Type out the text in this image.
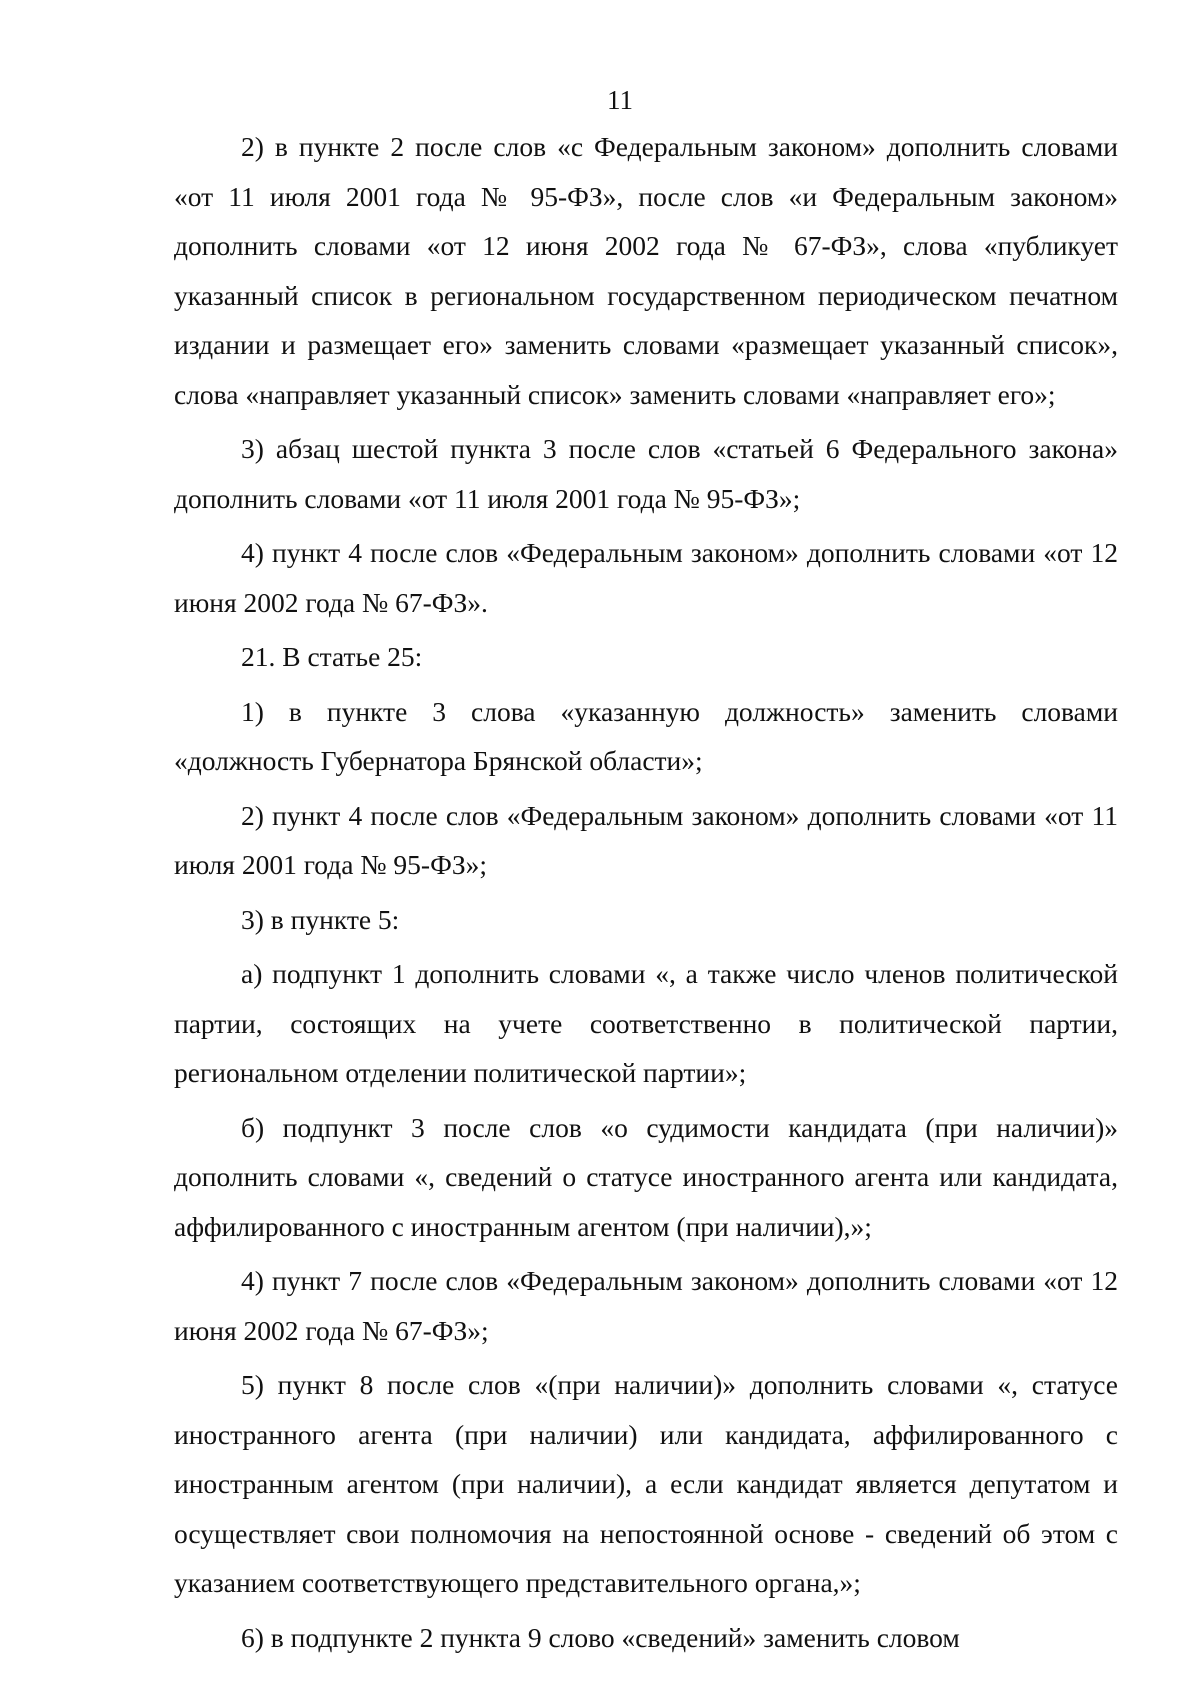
11

2) в пункте 2 после слов «с Федеральным законом» дополнить словами «от 11 июля 2001 года № 95-ФЗ», после слов «и Федеральным законом» дополнить словами «от 12 июня 2002 года № 67-ФЗ», слова «публикует указанный список в региональном государственном периодическом печатном издании и размещает его» заменить словами «размещает указанный список», слова «направляет указанный список» заменить словами «направляет его»;

3) абзац шестой пункта 3 после слов «статьей 6 Федерального закона» дополнить словами «от 11 июля 2001 года № 95-ФЗ»;

4) пункт 4 после слов «Федеральным законом» дополнить словами «от 12 июня 2002 года № 67-ФЗ».

21. В статье 25:

1) в пункте 3 слова «указанную должность» заменить словами «должность Губернатора Брянской области»;

2) пункт 4 после слов «Федеральным законом» дополнить словами «от 11 июля 2001 года № 95-ФЗ»;

3) в пункте 5:

а) подпункт 1 дополнить словами «, а также число членов политической партии, состоящих на учете соответственно в политической партии, региональном отделении политической партии»;

б) подпункт 3 после слов «о судимости кандидата (при наличии)» дополнить словами «, сведений о статусе иностранного агента или кандидата, аффилированного с иностранным агентом (при наличии),»;

4) пункт 7 после слов «Федеральным законом» дополнить словами «от 12 июня 2002 года № 67-ФЗ»;

5) пункт 8 после слов «(при наличии)» дополнить словами «, статусе иностранного агента (при наличии) или кандидата, аффилированного с иностранным агентом (при наличии), а если кандидат является депутатом и осуществляет свои полномочия на непостоянной основе - сведений об этом с указанием соответствующего представительного органа,»;

6) в подпункте 2 пункта 9 слово «сведений» заменить словом
